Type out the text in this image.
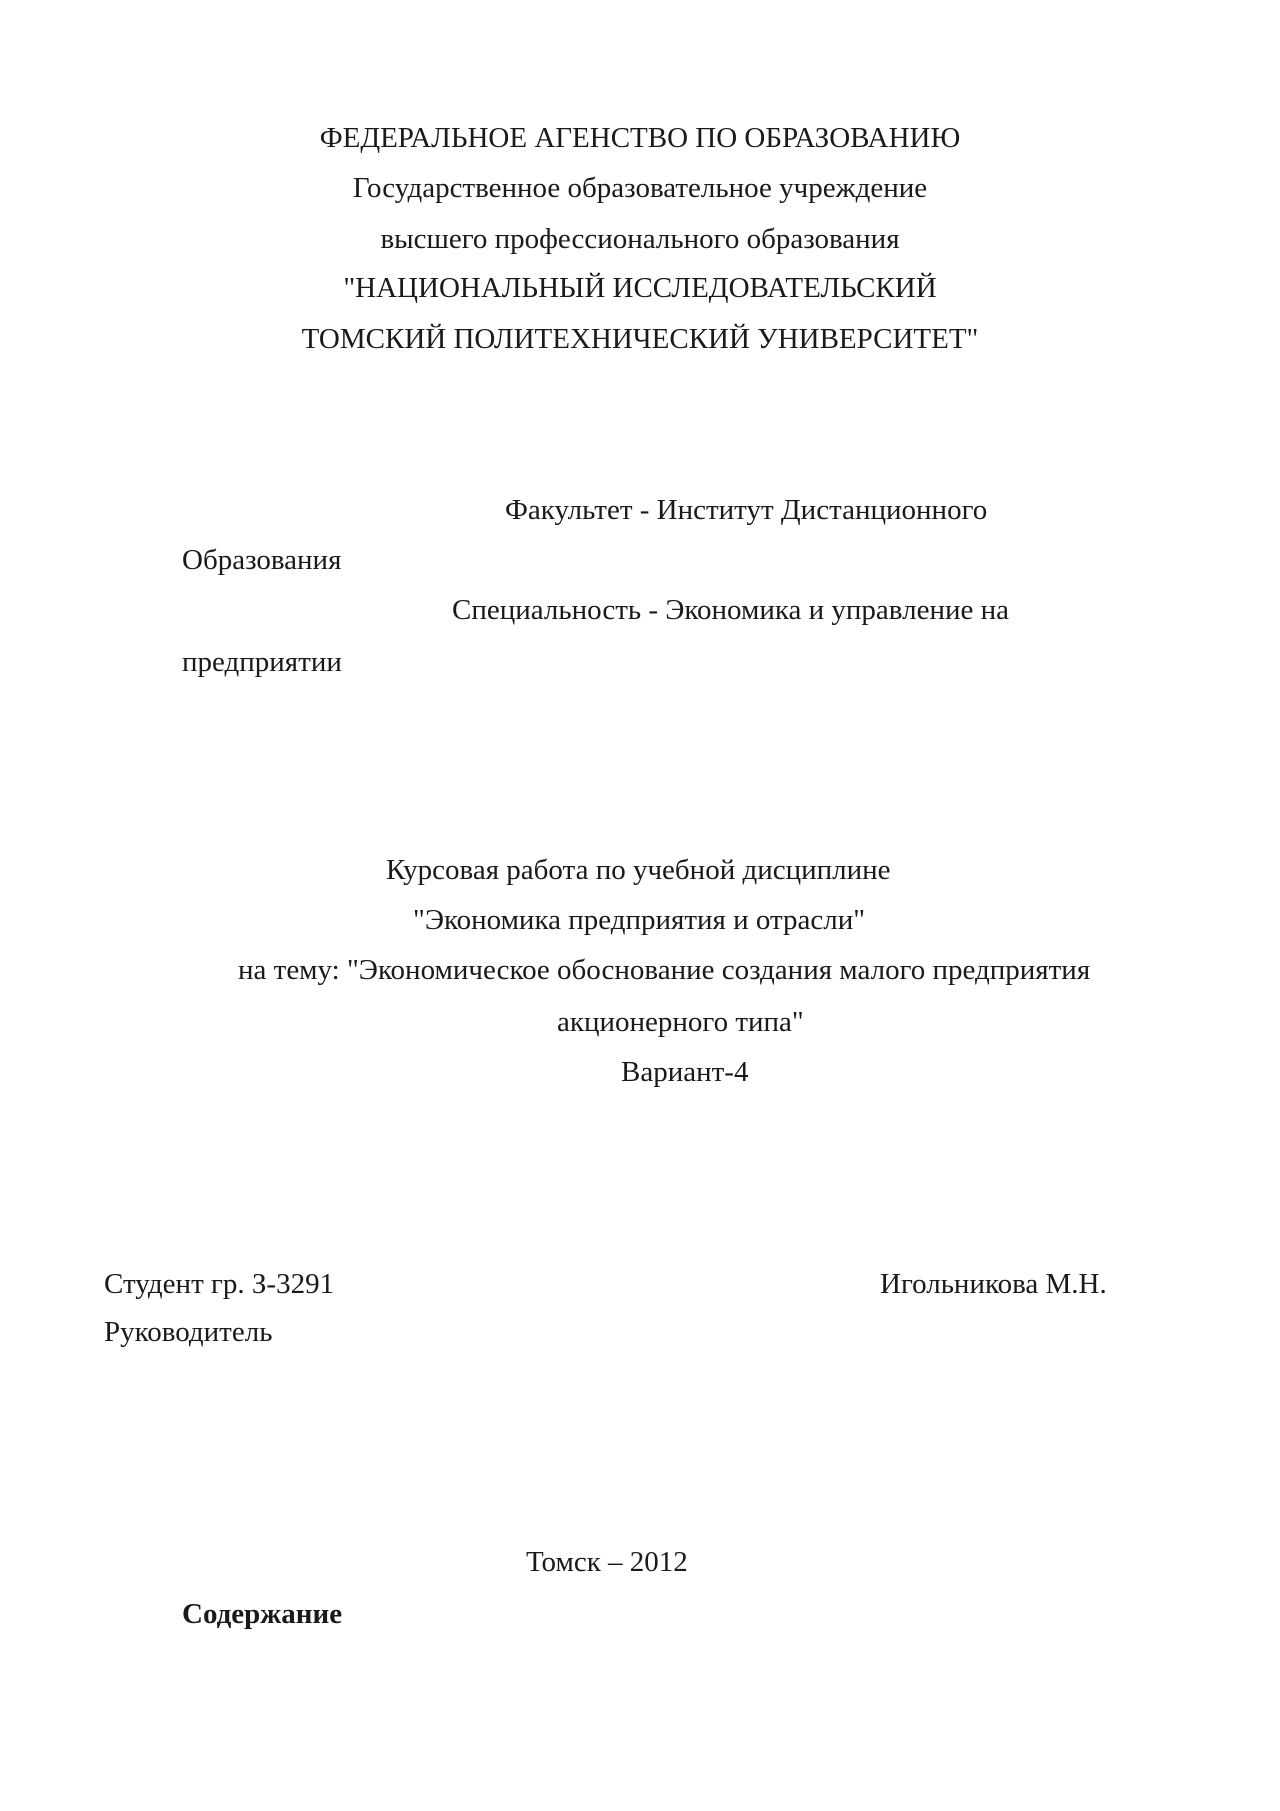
ФЕДЕРАЛЬНОЕ АГЕНСТВО ПО ОБРАЗОВАНИЮ
Государственное образовательное учреждение
высшего профессионального образования
"НАЦИОНАЛЬНЫЙ ИССЛЕДОВАТЕЛЬСКИЙ
ТОМСКИЙ ПОЛИТЕХНИЧЕСКИЙ УНИВЕРСИТЕТ"
Факультет - Институт Дистанционного
Образования
Специальность - Экономика и управление на
предприятии
Курсовая работа по учебной дисциплине
"Экономика предприятия и отрасли"
на тему: "Экономическое обоснование создания малого предприятия
акционерного типа"
Вариант-4
Студент гр. З-3291	Игольникова М.Н.
Руководитель
Томск – 2012
Содержание
